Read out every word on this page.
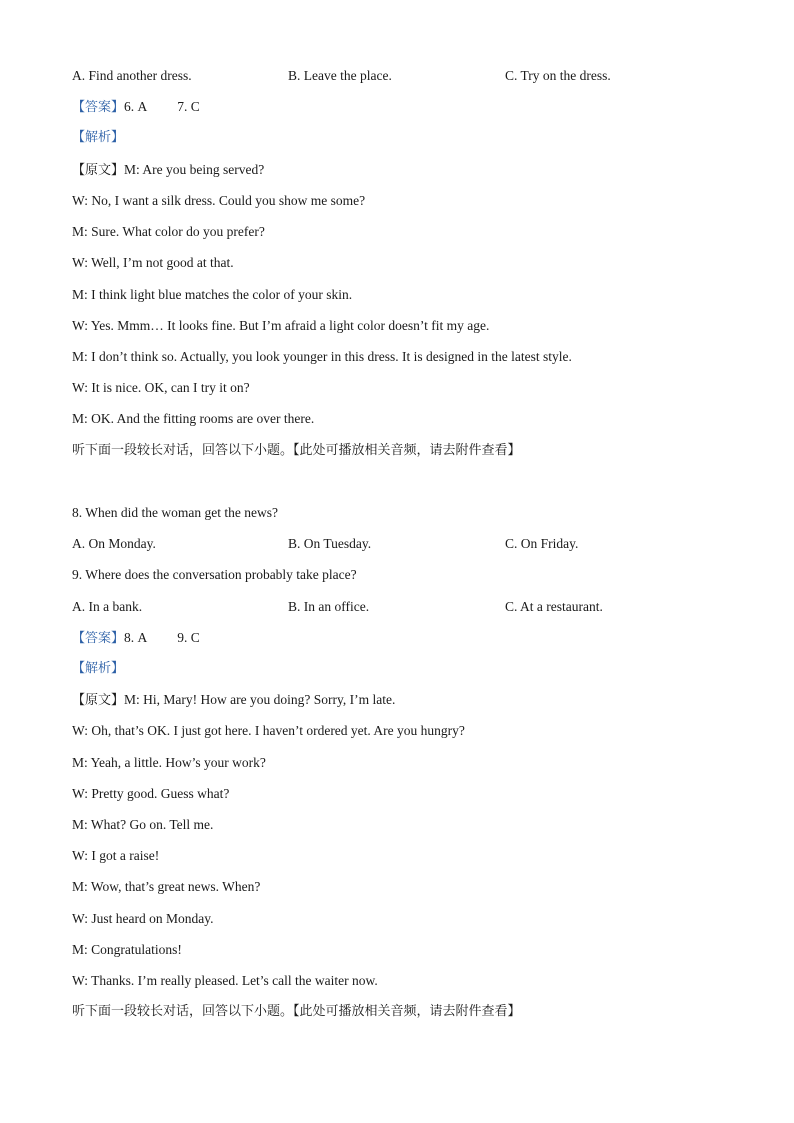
A. Find another dress.	B. Leave the place.	C. Try on the dress.
【答案】6. A 7. C
【解析】
【原文】M: Are you being served?
W: No, I want a silk dress. Could you show me some?
M: Sure. What color do you prefer?
W: Well, I’m not good at that.
M: I think light blue matches the color of your skin.
W: Yes. Mmm… It looks fine. But I’m afraid a light color doesn’t fit my age.
M: I don’t think so. Actually, you look younger in this dress. It is designed in the latest style.
W: It is nice. OK, can I try it on?
M: OK. And the fitting rooms are over there.
听下面一段较长对话，回答以下小题。【此处可播放相关音频，请去附件查看】
8. When did the woman get the news?
A. On Monday.	B. On Tuesday.	C. On Friday.
9. Where does the conversation probably take place?
A. In a bank.	B. In an office.	C. At a restaurant.
【答案】8. A 9. C
【解析】
【原文】M: Hi, Mary! How are you doing? Sorry, I’m late.
W: Oh, that’s OK. I just got here. I haven’t ordered yet. Are you hungry?
M: Yeah, a little. How’s your work?
W: Pretty good. Guess what?
M: What? Go on. Tell me.
W: I got a raise!
M: Wow, that’s great news. When?
W: Just heard on Monday.
M: Congratulations!
W: Thanks. I’m really pleased. Let’s call the waiter now.
听下面一段较长对话，回答以下小题。【此处可播放相关音频，请去附件查看】
